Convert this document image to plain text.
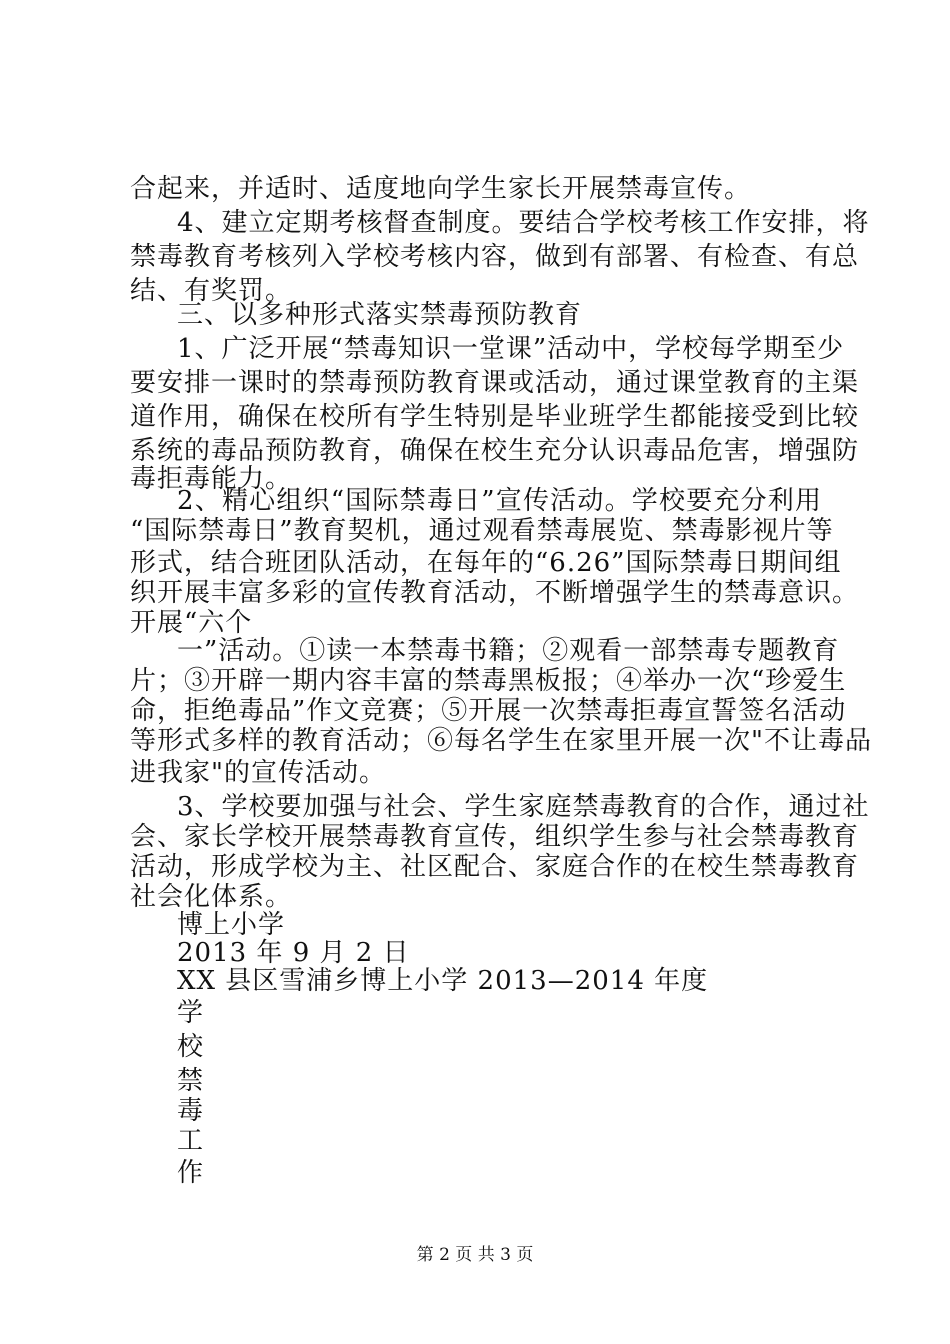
合起来，并适时、适度地向学生家长开展禁毒宣传。
4、建立定期考核督查制度。要结合学校考核工作安排，将
禁毒教育考核列入学校考核内容，做到有部署、有检查、有总
结、有奖罚。
三、以多种形式落实禁毒预防教育
1、广泛开展“禁毒知识一堂课”活动中，学校每学期至少
要安排一课时的禁毒预防教育课或活动，通过课堂教育的主渠
道作用，确保在校所有学生特别是毕业班学生都能接受到比较
系统的毒品预防教育，确保在校生充分认识毒品危害，增强防
毒拒毒能力。
2、精心组织“国际禁毒日”宣传活动。学校要充分利用
“国际禁毒日”教育契机，通过观看禁毒展览、禁毒影视片等
形式，结合班团队活动，在每年的“6.26”国际禁毒日期间组
织开展丰富多彩的宣传教育活动，不断增强学生的禁毒意识。
开展“六个
一”活动。①读一本禁毒书籍；②观看一部禁毒专题教育
片；③开辟一期内容丰富的禁毒黑板报；④举办一次“珍爱生
命，拒绝毒品”作文竞赛；⑤开展一次禁毒拒毒宣誓签名活动
等形式多样的教育活动；⑥每名学生在家里开展一次"不让毒品
进我家"的宣传活动。
3、学校要加强与社会、学生家庭禁毒教育的合作，通过社
会、家长学校开展禁毒教育宣传，组织学生参与社会禁毒教育
活动，形成学校为主、社区配合、家庭合作的在校生禁毒教育
社会化体系。
博上小学
2013 年 9 月 2 日
XX 县区雪浦乡博上小学 2013—2014 年度
学
校
禁
毒
工
作
第 2 页 共 3 页
